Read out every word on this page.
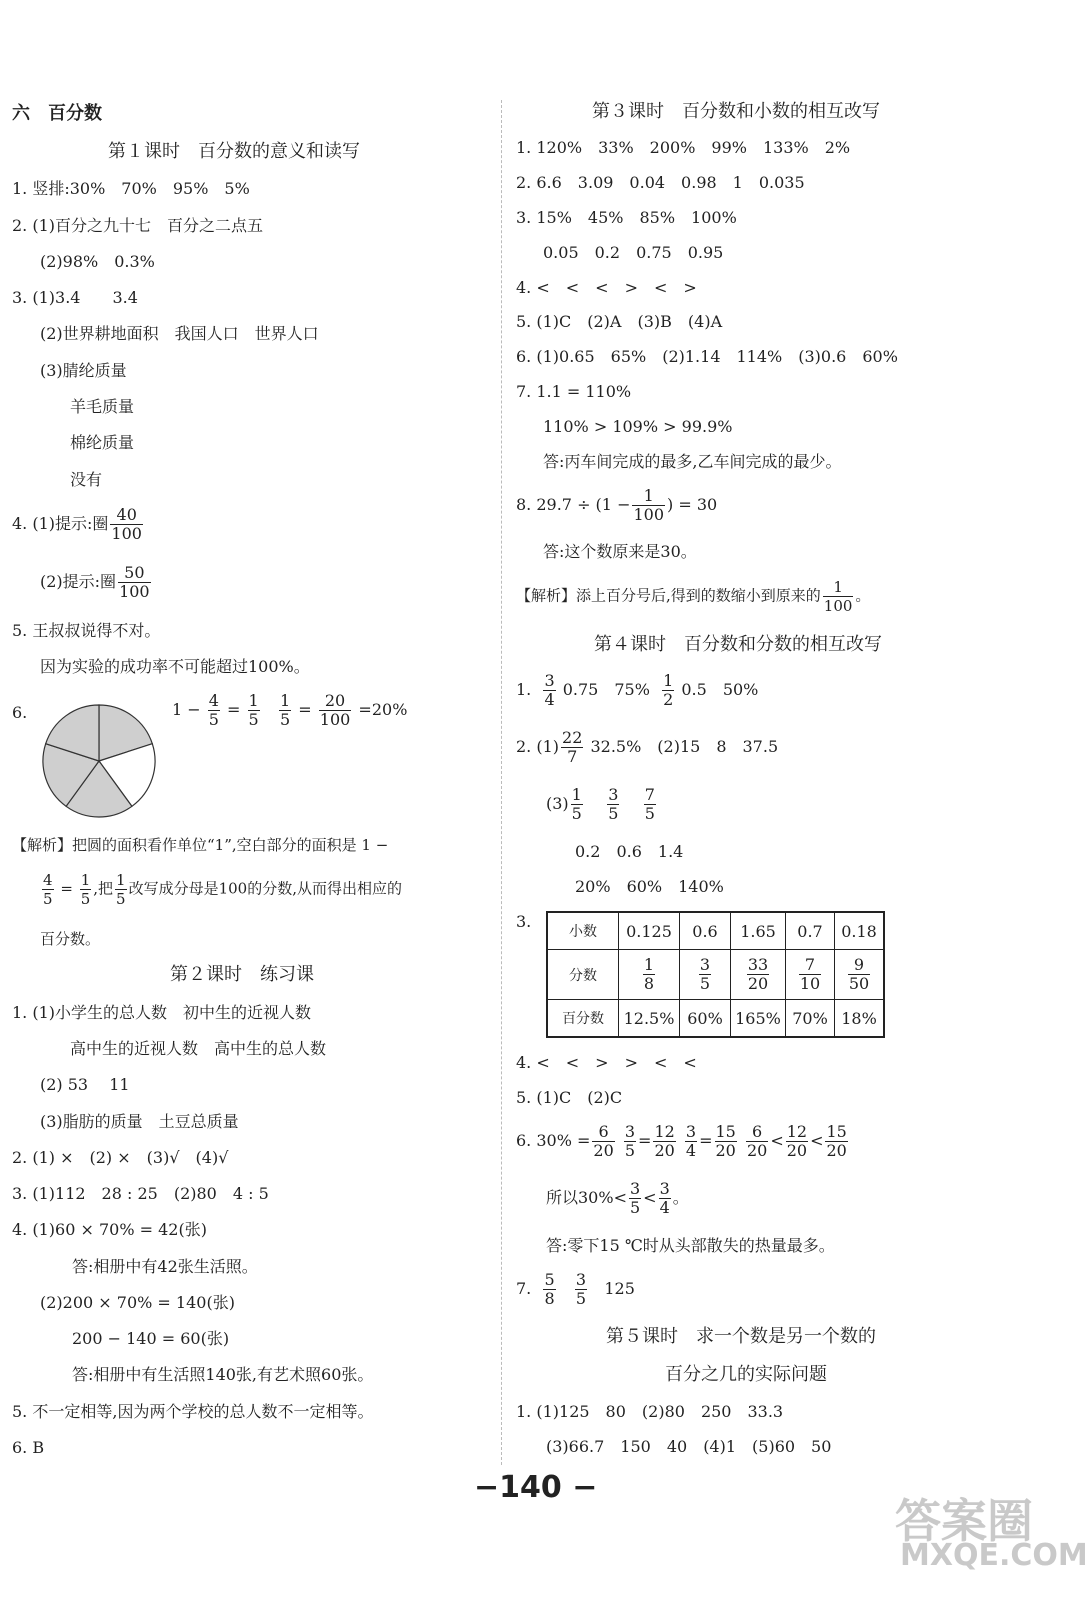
六　百分数
第１课时　百分数的意义和读写
1. 竖排:30%　70%　95%　5%
2. (1)百分之九十七　百分之二点五
(2)98%　0.3%
3. (1)3.4　　3.4
(2)世界耕地面积　我国人口　世界人口
(3)腈纶质量
羊毛质量
棉纶质量
没有
4. (1)提示:圈 $\frac{40}{100}$
(2)提示:圈 $\frac{50}{100}$
5. 王叔叔说得不对。
因为实验的成功率不可能超过100%。
6.	$1 - \frac{4}{5} = \frac{1}{5}$
$\frac{1}{5} = \frac{20}{100} =20\%$
【解析】把圆的面积看作单位“1”,空白部分的面积是 1 −
$\frac{4}{5} = \frac{1}{5}$ ,把 $\frac{1}{5}$ 改写成分母是100的分数,从而得出相应的
百分数。
第２课时　练习课
1. (1)小学生的总人数　初中生的近视人数
高中生的近视人数　高中生的总人数
(2) 53　 11
(3)脂肪的质量　土豆总质量
2. (1) ×　(2) ×　(3)√　(4)√
3. (1)112　28 : 25　(2)80　4 : 5
4. (1)60 × 70% = 42(张)
答:相册中有42张生活照。
(2)200 × 70% = 140(张)
200 − 140 = 60(张)
答:相册中有生活照140张,有艺术照60张。
5. 不一定相等,因为两个学校的总人数不一定相等。
6. B
第３课时　百分数和小数的相互改写
1. 120%　33%　200%　99%　133%　2%
2. 6.6　3.09　0.04　0.98　1　0.035
3. 15%　45%　85%　100%
0.05　0.2　0.75　0.95
4. <　<　<　>　<　>
5. (1)C　(2)A　(3)B　(4)A
6. (1)0.65　65%　(2)1.14　114%　(3)0.6　60%
7. 1.1 = 110%
110% > 109% > 99.9%
答:丙车间完成的最多,乙车间完成的最少。
8. $29.7 \div (1 - \frac{1}{100}$ ) = 30
答:这个数原来是30。
【解析】添上百分号后,得到的数缩小到原来的 $\frac{1}{100}$ 。
第４课时　百分数和分数的相互改写
1. $\frac{3}{4} 0.75$　$75\% \frac{1}{2} 0.5$　50%
2. $(1) \frac{22}{7} 32.5\%$　(2)15　8　37.5
$(3) \frac{1}{5}$
$\frac{3}{5}$
$\frac{7}{5}$
0.2　0.6　1.4
20%　60%　140%
3.
小数	0.125	0.6	1.65	0.7	0.18
分数	$\frac{1}{8}$	$\frac{3}{5}$	$\frac{33}{20}$	$\frac{7}{10}$	$\frac{9}{50}$

百分数	12.5%	60%	165%	70%	18%
4. <　<　>　>　<　<
5. (1)C　(2)C
6. $30\% = \frac{6}{20}$
$\frac{3}{5} = \frac{12}{20}$
$\frac{3}{4} = \frac{15}{20}$
$\frac{6}{20} < \frac{12}{20} < \frac{15}{20}$
所以$30\%< \frac{3}{5} < \frac{3}{4}$ 。
答:零下15 ℃时从头部散失的热量最多。
7. $\frac{5}{8}$
$\frac{3}{5} 125$
第５课时　求一个数是另一个数的
百分之几的实际问题
1. (1)125　80　(2)80　250　33.3
(3)66.7　150　40　(4)1　(5)60　50
−140 −
答案圈
MXQE.COM
